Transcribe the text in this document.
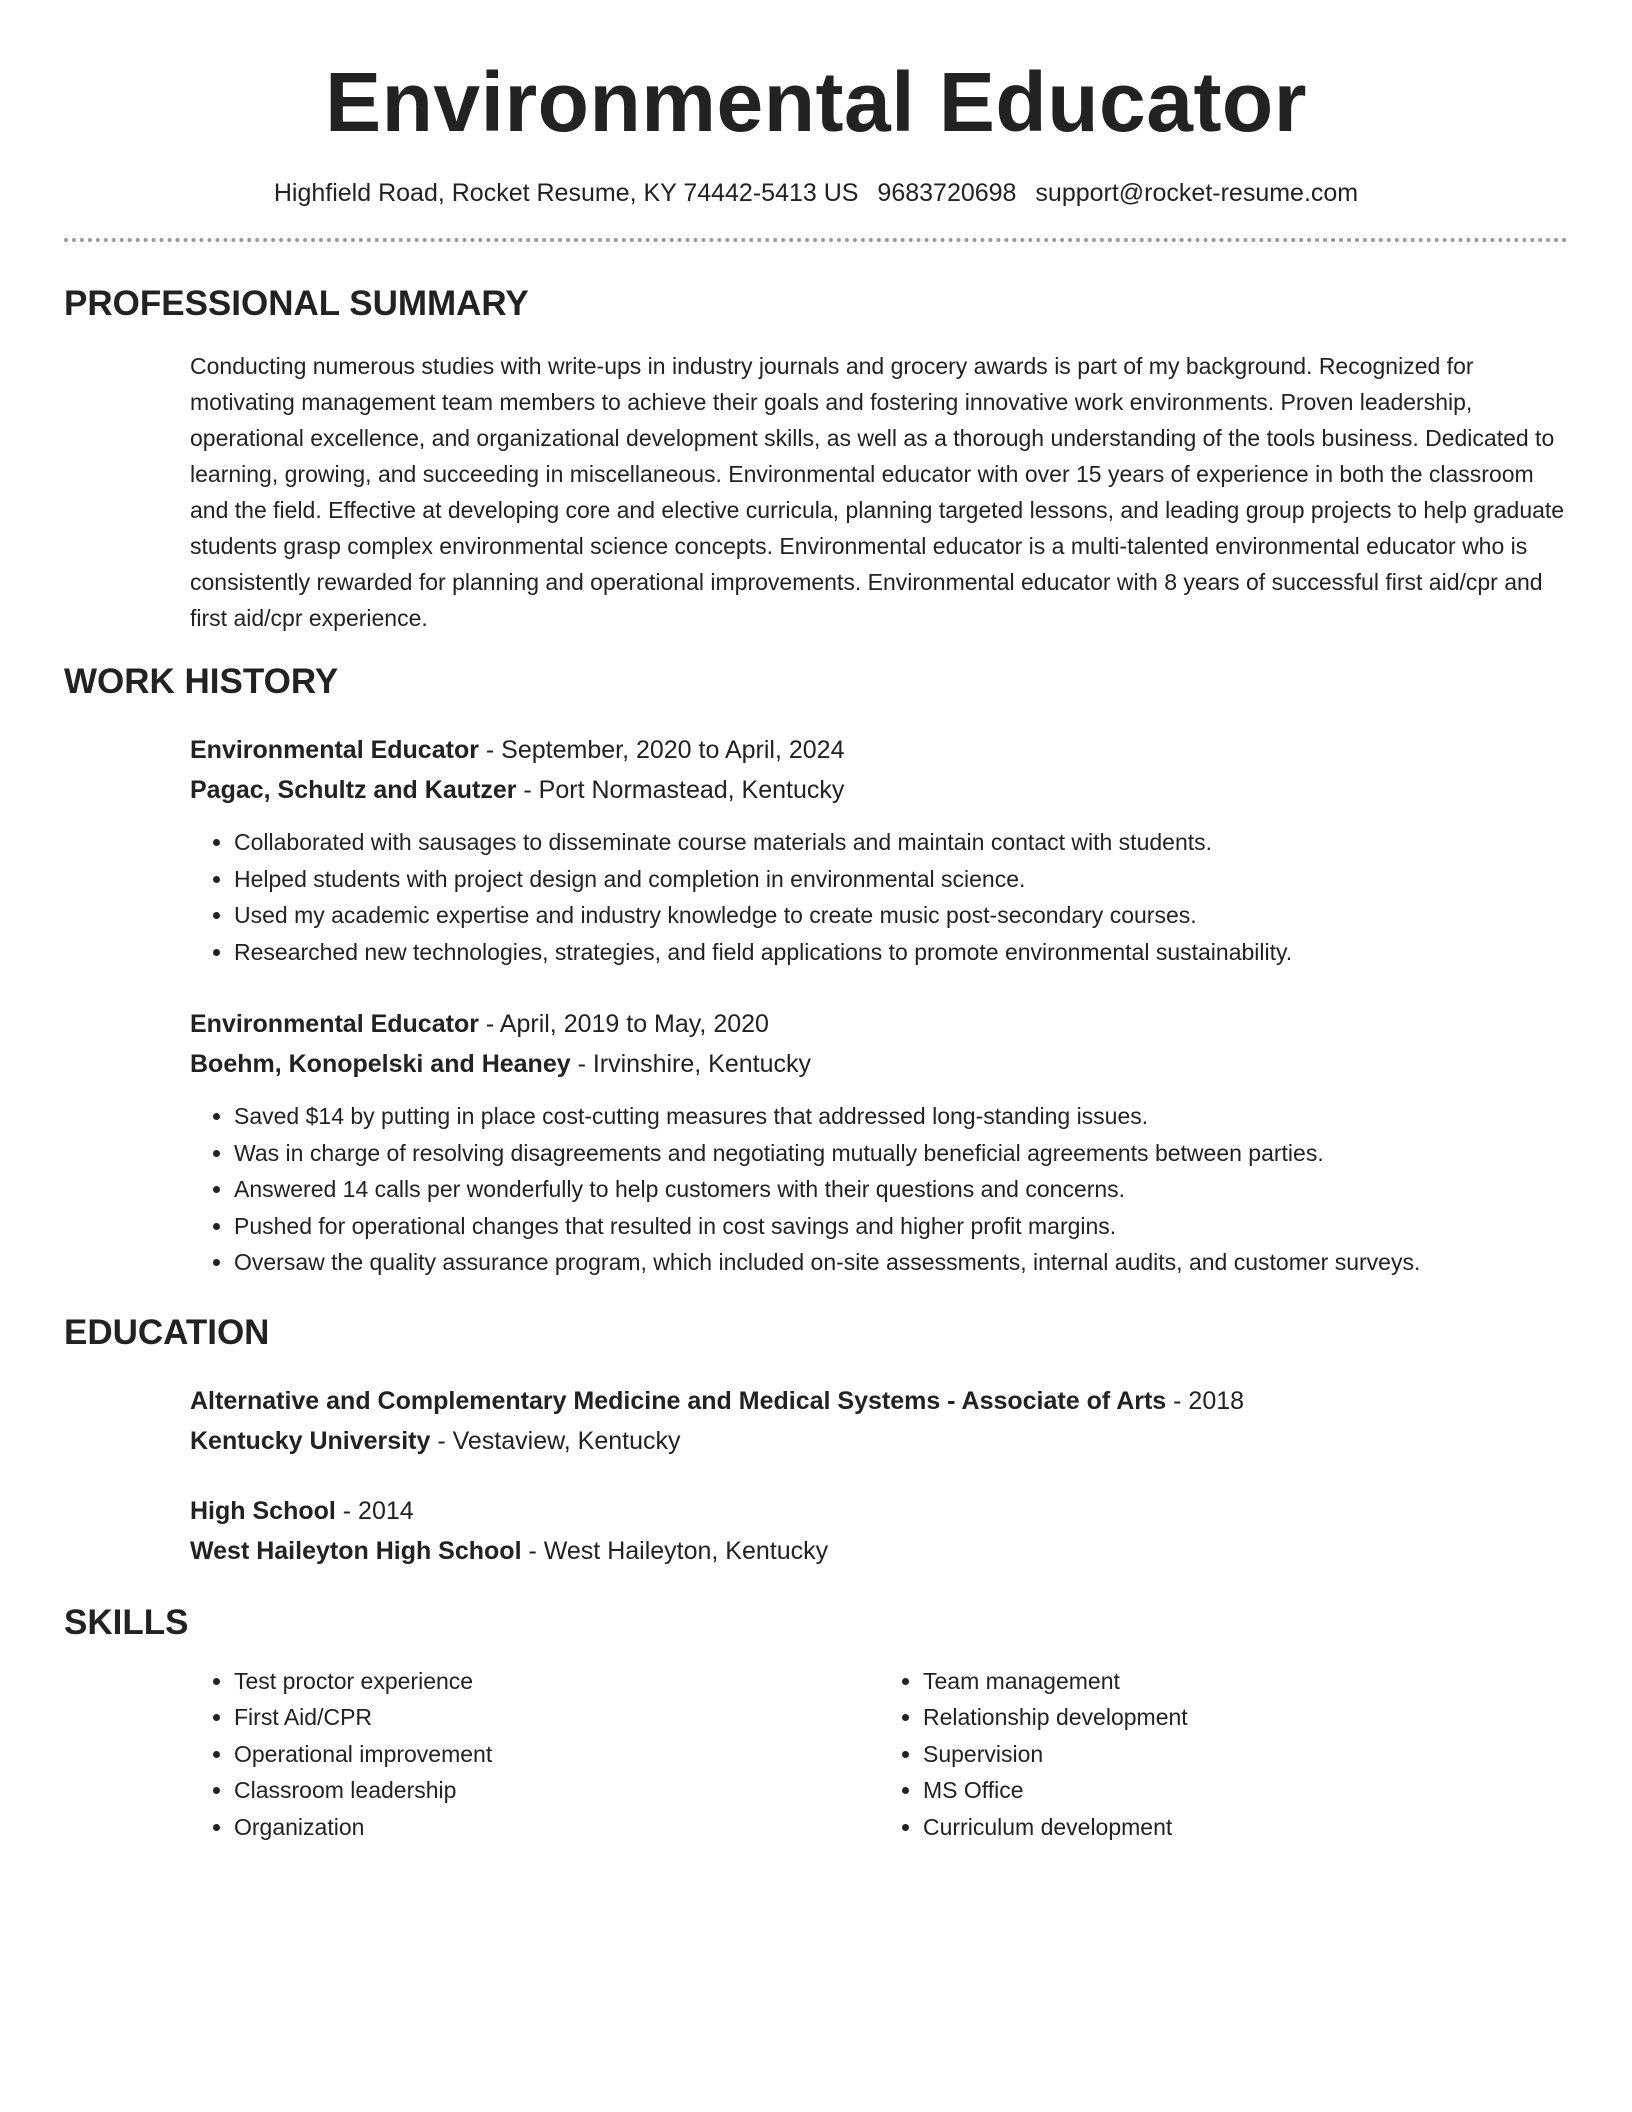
Environmental Educator
Highfield Road, Rocket Resume, KY 74442-5413 US 9683720698 support@rocket-resume.com
PROFESSIONAL SUMMARY

Conducting numerous studies with write-ups in industry journals and grocery awards is part of my background. Recognized for motivating management team members to achieve their goals and fostering innovative work environments. Proven leadership, operational excellence, and organizational development skills, as well as a thorough understanding of the tools business. Dedicated to learning, growing, and succeeding in miscellaneous. Environmental educator with over 15 years of experience in both the classroom and the field. Effective at developing core and elective curricula, planning targeted lessons, and leading group projects to help graduate students grasp complex environmental science concepts. Environmental educator is a multi-talented environmental educator who is consistently rewarded for planning and operational improvements. Environmental educator with 8 years of successful first aid/cpr and first aid/cpr experience.

WORK HISTORY

Environmental Educator - September, 2020 to April, 2024

Pagac, Schultz and Kautzer - Port Normastead, Kentucky

• Collaborated with sausages to disseminate course materials and maintain contact with students.
• Helped students with project design and completion in environmental science.
• Used my academic expertise and industry knowledge to create music post-secondary courses.
• Researched new technologies, strategies, and field applications to promote environmental sustainability.

Environmental Educator - April, 2019 to May, 2020

Boehm, Konopelski and Heaney - Irvinshire, Kentucky

• Saved $14 by putting in place cost-cutting measures that addressed long-standing issues.
• Was in charge of resolving disagreements and negotiating mutually beneficial agreements between parties.
• Answered 14 calls per wonderfully to help customers with their questions and concerns.
• Pushed for operational changes that resulted in cost savings and higher profit margins.
• Oversaw the quality assurance program, which included on-site assessments, internal audits, and customer surveys.
EDUCATION

Alternative and Complementary Medicine and Medical Systems - Associate of Arts - 2018

Kentucky University - Vestaview, Kentucky

High School - 2014

West Haileyton High School - West Haileyton, Kentucky

SKILLS
• Test proctor experience
• First Aid/CPR
• Operational improvement
• Classroom leadership
• Organization
• Team management
• Relationship development
• Supervision
• MS Office
• Curriculum development
